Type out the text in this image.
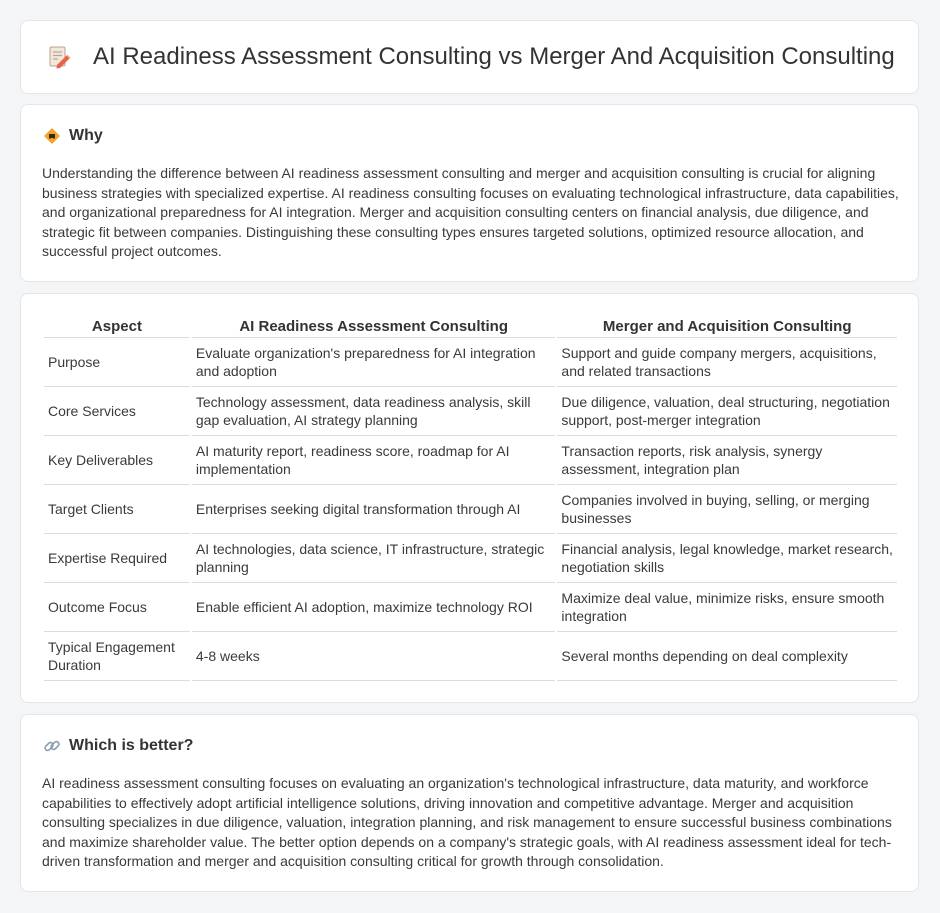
AI Readiness Assessment Consulting vs Merger And Acquisition Consulting
Why

Understanding the difference between AI readiness assessment consulting and merger and acquisition consulting is crucial for aligning business strategies with specialized expertise. AI readiness consulting focuses on evaluating technological infrastructure, data capabilities, and organizational preparedness for AI integration. Merger and acquisition consulting centers on financial analysis, due diligence, and strategic fit between companies. Distinguishing these consulting types ensures targeted solutions, optimized resource allocation, and successful project outcomes.

Aspect	AI Readiness Assessment Consulting	Merger and Acquisition Consulting
Purpose	Evaluate organization's preparedness for AI integration and adoption	Support and guide company mergers, acquisitions, and related transactions
Core Services	Technology assessment, data readiness analysis, skill gap evaluation, AI strategy planning	Due diligence, valuation, deal structuring, negotiation support, post-merger integration
Key Deliverables	AI maturity report, readiness score, roadmap for AI implementation	Transaction reports, risk analysis, synergy assessment, integration plan
Target Clients	Enterprises seeking digital transformation through AI	Companies involved in buying, selling, or merging businesses
Expertise Required	AI technologies, data science, IT infrastructure, strategic planning	Financial analysis, legal knowledge, market research, negotiation skills
Outcome Focus	Enable efficient AI adoption, maximize technology ROI	Maximize deal value, minimize risks, ensure smooth integration
Typical Engagement Duration	4-8 weeks	Several months depending on deal complexity
Which is better?

AI readiness assessment consulting focuses on evaluating an organization's technological infrastructure, data maturity, and workforce capabilities to effectively adopt artificial intelligence solutions, driving innovation and competitive advantage. Merger and acquisition consulting specializes in due diligence, valuation, integration planning, and risk management to ensure successful business combinations and maximize shareholder value. The better option depends on a company's strategic goals, with AI readiness assessment ideal for tech-driven transformation and merger and acquisition consulting critical for growth through consolidation.
